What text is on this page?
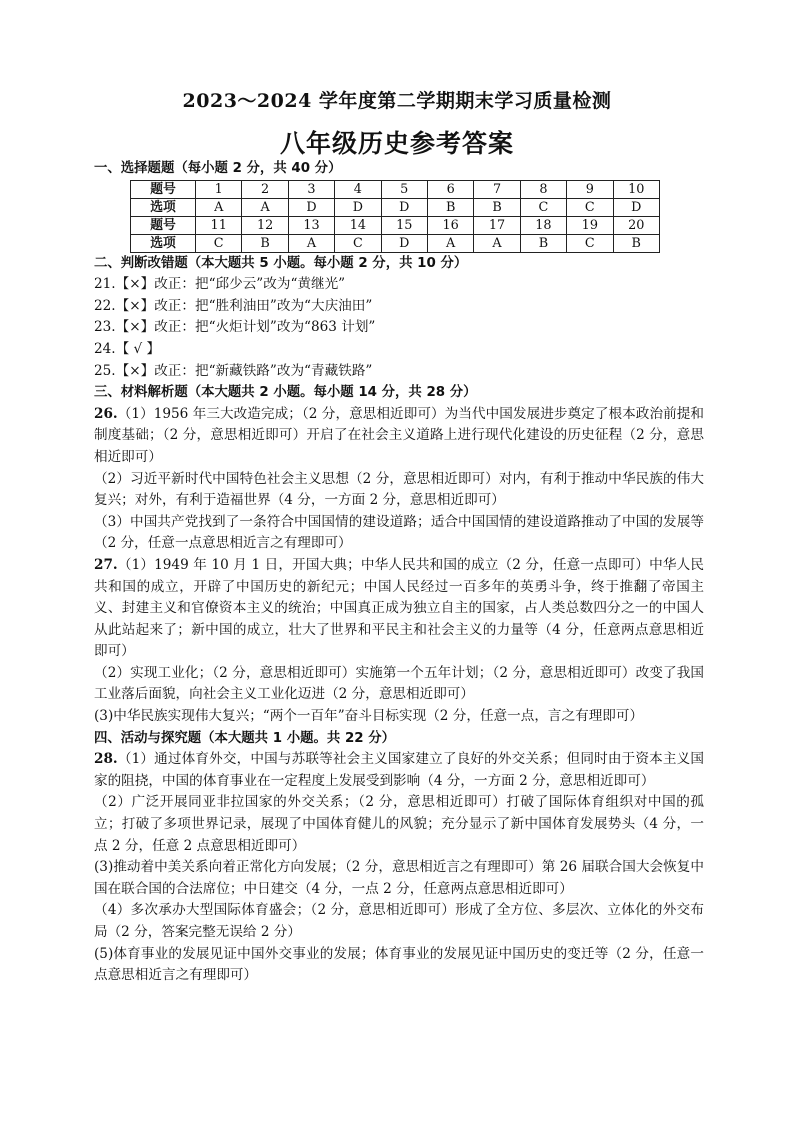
2023～2024 学年度第二学期期末学习质量检测
八年级历史参考答案

一、选择题题（每小题 2 分，共 40 分）

题号	1	2	3	4	5	6	7	8	9	10
选项	A	A	D	D	D	B	B	C	C	D
题号	11	12	13	14	15	16	17	18	19	20
选项	C	B	A	C	D	A	A	B	C	B

二、判断改错题（本大题共 5 小题。每小题 2 分，共 10 分）

21.【×】改正：把“邱少云”改为“黄继光”

22.【×】改正：把“胜利油田”改为“大庆油田”

23.【×】改正：把“火炬计划”改为“863 计划”

24.【 √ 】

25.【×】改正：把“新藏铁路”改为“青藏铁路”

三、材料解析题（本大题共 2 小题。每小题 14 分，共 28 分）

26.（1）1956 年三大改造完成；（2 分，意思相近即可）为当代中国发展进步奠定了根本政治前提和制度基础；（2 分，意思相近即可）开启了在社会主义道路上进行现代化建设的历史征程（2 分，意思相近即可）

（2）习近平新时代中国特色社会主义思想（2 分，意思相近即可）对内，有利于推动中华民族的伟大复兴；对外，有利于造福世界（4 分，一方面 2 分，意思相近即可）

（3）中国共产党找到了一条符合中国国情的建设道路；适合中国国情的建设道路推动了中国的发展等（2 分，任意一点意思相近言之有理即可）

27.（1）1949 年 10 月 1 日，开国大典；中华人民共和国的成立（2 分，任意一点即可）中华人民共和国的成立，开辟了中国历史的新纪元；中国人民经过一百多年的英勇斗争，终于推翻了帝国主义、封建主义和官僚资本主义的统治；中国真正成为独立自主的国家，占人类总数四分之一的中国人从此站起来了；新中国的成立，壮大了世界和平民主和社会主义的力量等（4 分，任意两点意思相近即可）

（2）实现工业化；（2 分，意思相近即可）实施第一个五年计划；（2 分，意思相近即可）改变了我国工业落后面貌，向社会主义工业化迈进（2 分，意思相近即可）

(3)中华民族实现伟大复兴；“两个一百年”奋斗目标实现（2 分，任意一点，言之有理即可）

四、活动与探究题（本大题共 1 小题。共 22 分）

28.（1）通过体育外交，中国与苏联等社会主义国家建立了良好的外交关系；但同时由于资本主义国家的阻挠，中国的体育事业在一定程度上发展受到影响（4 分，一方面 2 分，意思相近即可）

（2）广泛开展同亚非拉国家的外交关系；（2 分，意思相近即可）打破了国际体育组织对中国的孤立；打破了多项世界记录，展现了中国体育健儿的风貌；充分显示了新中国体育发展势头（4 分，一点 2 分，任意 2 点意思相近即可）

(3)推动着中美关系向着正常化方向发展；（2 分，意思相近言之有理即可）第 26 届联合国大会恢复中国在联合国的合法席位；中日建交（4 分，一点 2 分，任意两点意思相近即可）

（4）多次承办大型国际体育盛会；（2 分，意思相近即可）形成了全方位、多层次、立体化的外交布局（2 分，答案完整无误给 2 分）

(5)体育事业的发展见证中国外交事业的发展；体育事业的发展见证中国历史的变迁等（2 分，任意一点意思相近言之有理即可）
